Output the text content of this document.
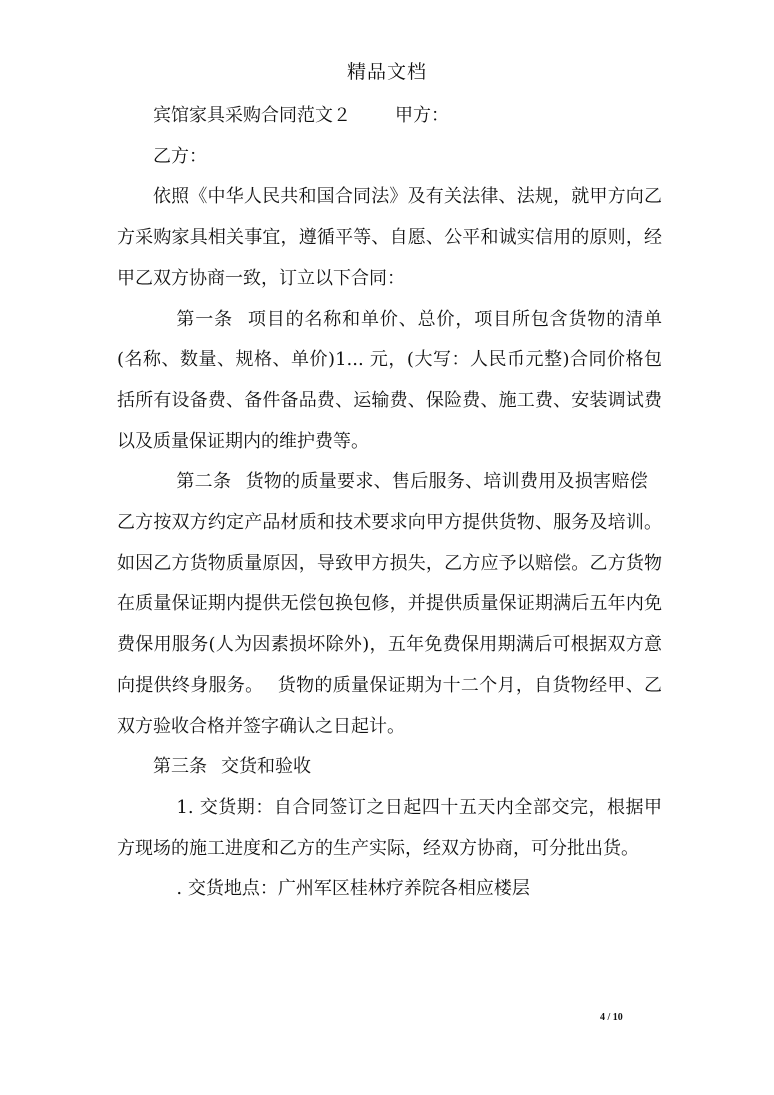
精品文档

宾馆家具采购合同范文２ 甲方：

乙方：

依照《中华人民共和国合同法》及有关法律、法规，就甲方向乙方采购家具相关事宜，遵循平等、自愿、公平和诚实信用的原则，经甲乙双方协商一致，订立以下合同：

第一条 项目的名称和单价、总价，项目所包含货物的清单(名称、数量、规格、单价)1... 元，(大写：人民币元整)合同价格包括所有设备费、备件备品费、运输费、保险费、施工费、安装调试费以及质量保证期内的维护费等。

第二条 货物的质量要求、售后服务、培训费用及损害赔偿乙方按双方约定产品材质和技术要求向甲方提供货物、服务及培训。如因乙方货物质量原因，导致甲方损失，乙方应予以赔偿。乙方货物在质量保证期内提供无偿包换包修，并提供质量保证期满后五年内免费保用服务(人为因素损坏除外)，五年免费保用期满后可根据双方意向提供终身服务。 货物的质量保证期为十二个月，自货物经甲、乙双方验收合格并签字确认之日起计。

第三条 交货和验收

1. 交货期：自合同签订之日起四十五天内全部交完，根据甲方现场的施工进度和乙方的生产实际，经双方协商，可分批出货。

. 交货地点：广州军区桂林疗养院各相应楼层

4 / 10
